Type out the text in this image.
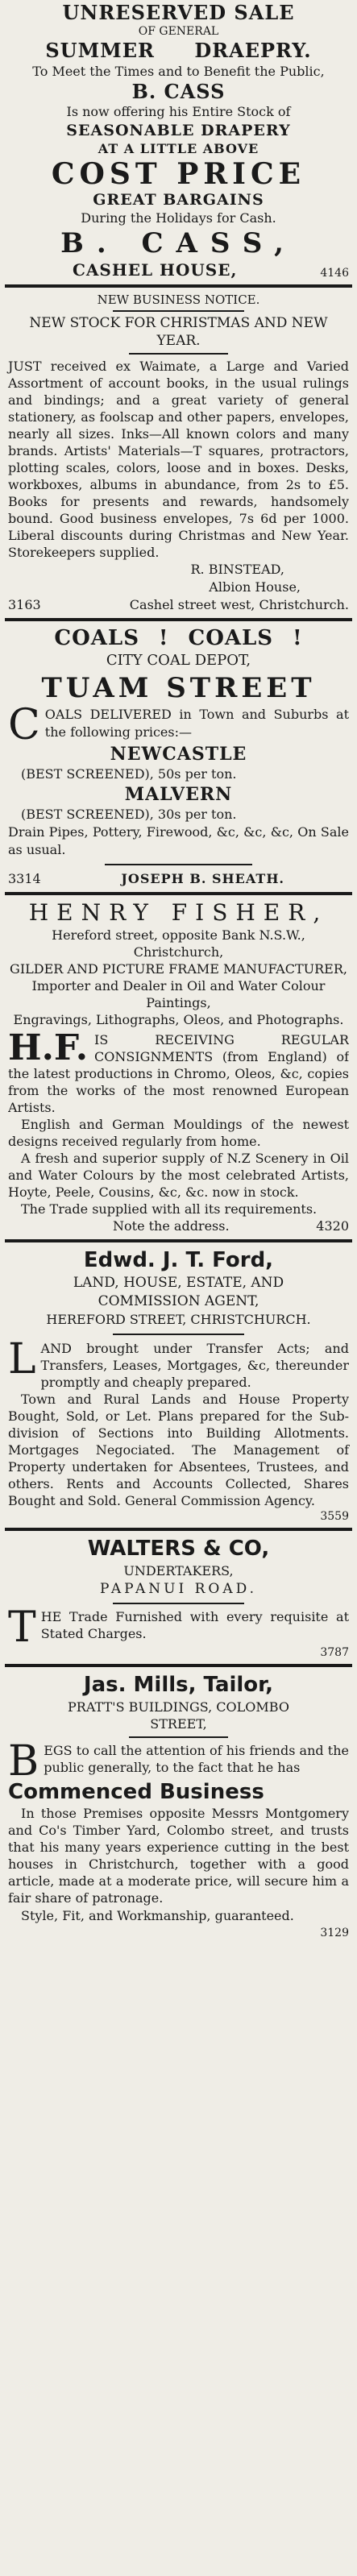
UNRESERVED SALE
OF GENERAL
SUMMER DRAEPRY.
To Meet the Times and to Benefit the Public,
B. CASS
Is now offering his Entire Stock of
SEASONABLE DRAPERY
AT A LITTLE ABOVE
COST PRICE
GREAT BARGAINS
During the Holidays for Cash.
B. CASS,
CASHEL HOUSE,	4146
NEW BUSINESS NOTICE.
NEW STOCK FOR CHRISTMAS AND NEW YEAR.

JUST received ex Waimate, a Large and Varied Assortment of account books, in the usual rulings and bindings; and a great variety of general stationery, as foolscap and other papers, envelopes, nearly all sizes. Inks—All known colors and many brands. Artists' Materials—T squares, protractors, plotting scales, colors, loose and in boxes. Desks, workboxes, albums in abundance, from 2s to £5. Books for presents and rewards, handsomely bound. Good business envelopes, 7s 6d per 1000. Liberal discounts during Christmas and New Year. Storekeepers supplied.

R. BINSTEAD,
Albion House,
3163	Cashel street west, Christchurch.
COALS ! COALS !
CITY COAL DEPOT,
TUAM STREET
C OALS DELIVERED in Town and Suburbs at the following prices:—

NEWCASTLE
(BEST SCREENED), 50s per ton.
MALVERN
(BEST SCREENED), 30s per ton.

Drain Pipes, Pottery, Firewood, &c, &c, &c, On Sale as usual.

3314	JOSEPH B. SHEATH.
HENRY FISHER,
Hereford street, opposite Bank N.S.W., Christchurch,
GILDER AND PICTURE FRAME MANUFACTURER,
Importer and Dealer in Oil and Water Colour Paintings,
Engravings, Lithographs, Oleos, and Photographs.
H.F. IS RECEIVING REGULAR CONSIGNMENTS (from England) of the latest productions in Chromo, Oleos, &c, copies from the works of the most renowned European Artists.

English and German Mouldings of the newest designs received regularly from home.

A fresh and superior supply of N.Z Scenery in Oil and Water Colours by the most celebrated Artists, Hoyte, Peele, Cousins, &c, &c. now in stock.

The Trade supplied with all its requirements.

Note the address.	4320
Edwd. J. T. Ford,
LAND, HOUSE, ESTATE, AND COMMISSION AGENT,
HEREFORD STREET, CHRISTCHURCH.
L AND brought under Transfer Acts; and Transfers, Leases, Mortgages, &c, thereunder promptly and cheaply prepared.

Town and Rural Lands and House Property Bought, Sold, or Let. Plans prepared for the Sub-division of Sections into Building Allotments. Mortgages Negociated. The Management of Property undertaken for Absentees, Trustees, and others. Rents and Accounts Collected, Shares Bought and Sold. General Commission Agency.

3559
WALTERS & CO,
UNDERTAKERS,
PAPANUI ROAD.
T HE Trade Furnished with every requisite at Stated Charges.

3787
Jas. Mills, Tailor,
PRATT'S BUILDINGS, COLOMBO STREET,
B EGS to call the attention of his friends and the public generally, to the fact that he has

Commenced Business

In those Premises opposite Messrs Montgomery and Co's Timber Yard, Colombo street, and trusts that his many years experience cutting in the best houses in Christchurch, together with a good article, made at a moderate price, will secure him a fair share of patronage.

Style, Fit, and Workmanship, guaranteed.

3129
